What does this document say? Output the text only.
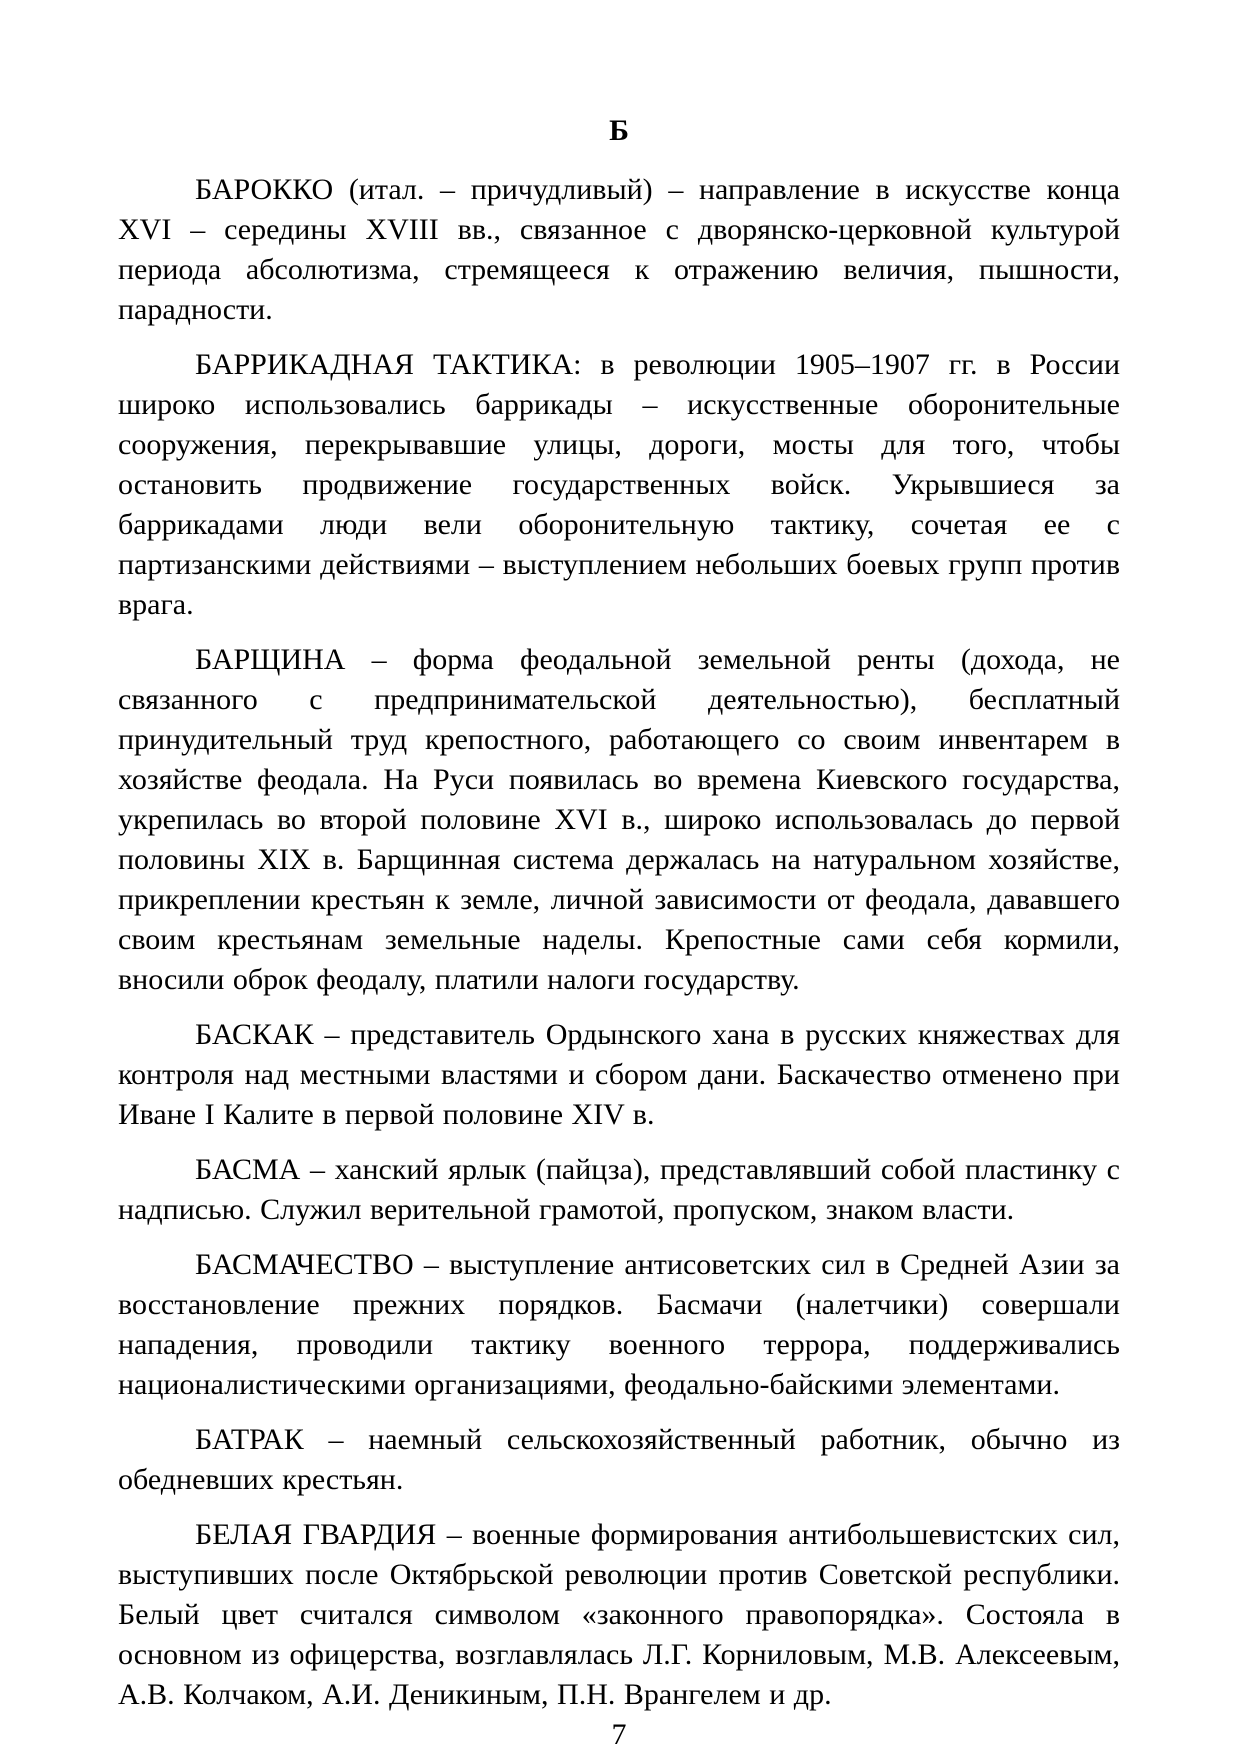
Б

БАРОККО (итал. – причудливый) – направление в искусстве конца XVI – середины XVIII вв., связанное с дворянско-церковной культурой периода абсолютизма, стремящееся к отражению величия, пышности, парадности.

БАРРИКАДНАЯ ТАКТИКА: в революции 1905–1907 гг. в России широко использовались баррикады – искусственные оборонительные сооружения, перекрывавшие улицы, дороги, мосты для того, чтобы остановить продвижение государственных войск. Укрывшиеся за баррикадами люди вели оборонительную тактику, сочетая ее с партизанскими действиями – выступлением небольших боевых групп против врага.

БАРЩИНА – форма феодальной земельной ренты (дохода, не связанного с предпринимательской деятельностью), бесплатный принудительный труд крепостного, работающего со своим инвентарем в хозяйстве феодала. На Руси появилась во времена Киевского государства, укрепилась во второй половине XVI в., широко использовалась до первой половины XIX в. Барщинная система держалась на натуральном хозяйстве, прикреплении крестьян к земле, личной зависимости от феодала, дававшего своим крестьянам земельные наделы. Крепостные сами себя кормили, вносили оброк феодалу, платили налоги государству.

БАСКАК – представитель Ордынского хана в русских княжествах для контроля над местными властями и сбором дани. Баскачество отменено при Иване I Калите в первой половине XIV в.

БАСМА – ханский ярлык (пайцза), представлявший собой пластинку с надписью. Служил верительной грамотой, пропуском, знаком власти.

БАСМАЧЕСТВО – выступление антисоветских сил в Средней Азии за восстановление прежних порядков. Басмачи (налетчики) совершали нападения, проводили тактику военного террора, поддерживались националистическими организациями, феодально-байскими элементами.

БАТРАК – наемный сельскохозяйственный работник, обычно из обедневших крестьян.

БЕЛАЯ ГВАРДИЯ – военные формирования антибольшевистских сил, выступивших после Октябрьской революции против Советской республики. Белый цвет считался символом «законного правопорядка». Состояла в основном из офицерства, возглавлялась Л.Г. Корниловым, М.В. Алексеевым, А.В. Колчаком, А.И. Деникиным, П.Н. Врангелем и др.

7
